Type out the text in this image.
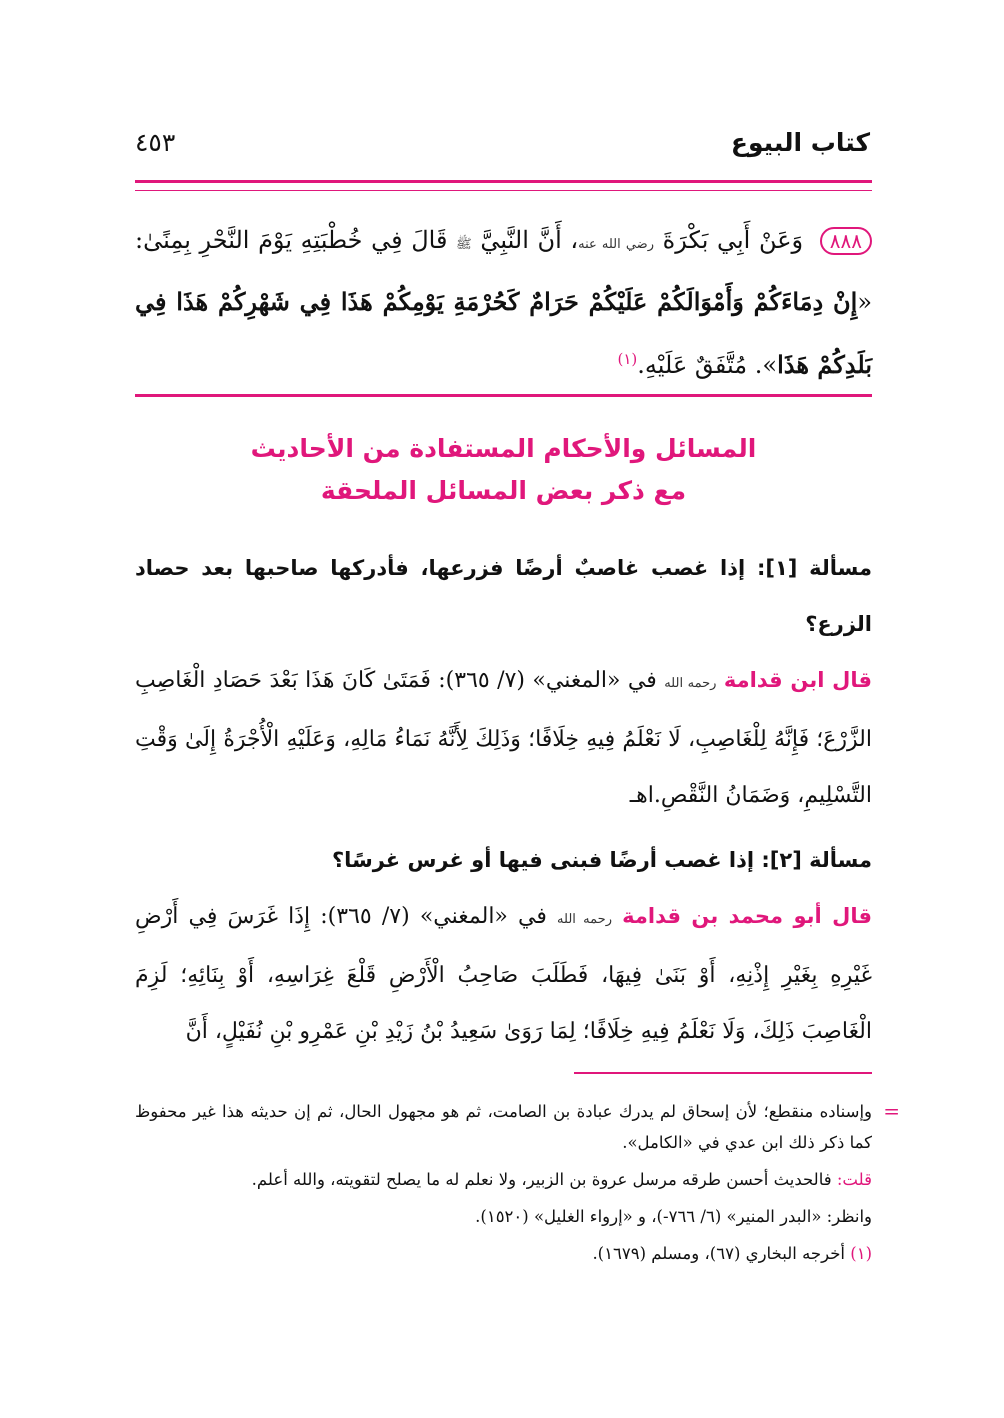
كتاب البيوع
٤٥٣
٨٨٨ وَعَنْ أَبِي بَكْرَةَ رضي الله عنه، أَنَّ النَّبِيَّ ﷺ قَالَ فِي خُطْبَتِهِ يَوْمَ النَّحْرِ بِمِنًىٰ: «إِنْ دِمَاءَكُمْ وَأَمْوَالَكُمْ عَلَيْكُمْ حَرَامٌ كَحُرْمَةِ يَوْمِكُمْ هَذَا فِي شَهْرِكُمْ هَذَا فِي بَلَدِكُمْ هَذَا». مُتَّفَقٌ عَلَيْهِ.$^{(١)}$
المسائل والأحكام المستفادة من الأحاديث
مع ذكر بعض المسائل الملحقة

مسألة [١]: إذا غصب غاصبٌ أرضًا فزرعها، فأدركها صاحبها بعد حصاد الزرع؟

قال ابن قدامة رحمه الله في «المغني» (٧/ ٣٦٥): فَمَتَىٰ كَانَ هَذَا بَعْدَ حَصَادِ الْغَاصِبِ الزَّرْعَ؛ فَإِنَّهُ لِلْغَاصِبِ، لَا نَعْلَمُ فِيهِ خِلَافًا؛ وَذَلِكَ لِأَنَّهُ نَمَاءُ مَالِهِ، وَعَلَيْهِ الْأُجْرَةُ إِلَىٰ وَقْتِ التَّسْلِيمِ، وَضَمَانُ النَّقْصِ.اهـ

مسألة [٢]: إذا غصب أرضًا فبنى فيها أو غرس غرسًا؟

قال أبو محمد بن قدامة رحمه الله في «المغني» (٧/ ٣٦٥): إِذَا غَرَسَ فِي أَرْضِ غَيْرِهِ بِغَيْرِ إِذْنِهِ، أَوْ بَنَىٰ فِيهَا، فَطَلَبَ صَاحِبُ الْأَرْضِ قَلْعَ غِرَاسِهِ، أَوْ بِنَائِهِ؛ لَزِمَ الْغَاصِبَ ذَلِكَ، وَلَا نَعْلَمُ فِيهِ خِلَافًا؛ لِمَا رَوَىٰ سَعِيدُ بْنُ زَيْدِ بْنِ عَمْرِو بْنِ نُفَيْلٍ، أَنَّ

=

وإسناده منقطع؛ لأن إسحاق لم يدرك عبادة بن الصامت، ثم هو مجهول الحال، ثم إن حديثه هذا غير محفوظ كما ذكر ذلك ابن عدي في «الكامل».

قلت: فالحديث أحسن طرقه مرسل عروة بن الزبير، ولا نعلم له ما يصلح لتقويته، والله أعلم.

وانظر: «البدر المنير» (٦/ ٧٦٦-)، و «إرواء الغليل» (١٥٢٠).

(١) أخرجه البخاري (٦٧)، ومسلم (١٦٧٩).
